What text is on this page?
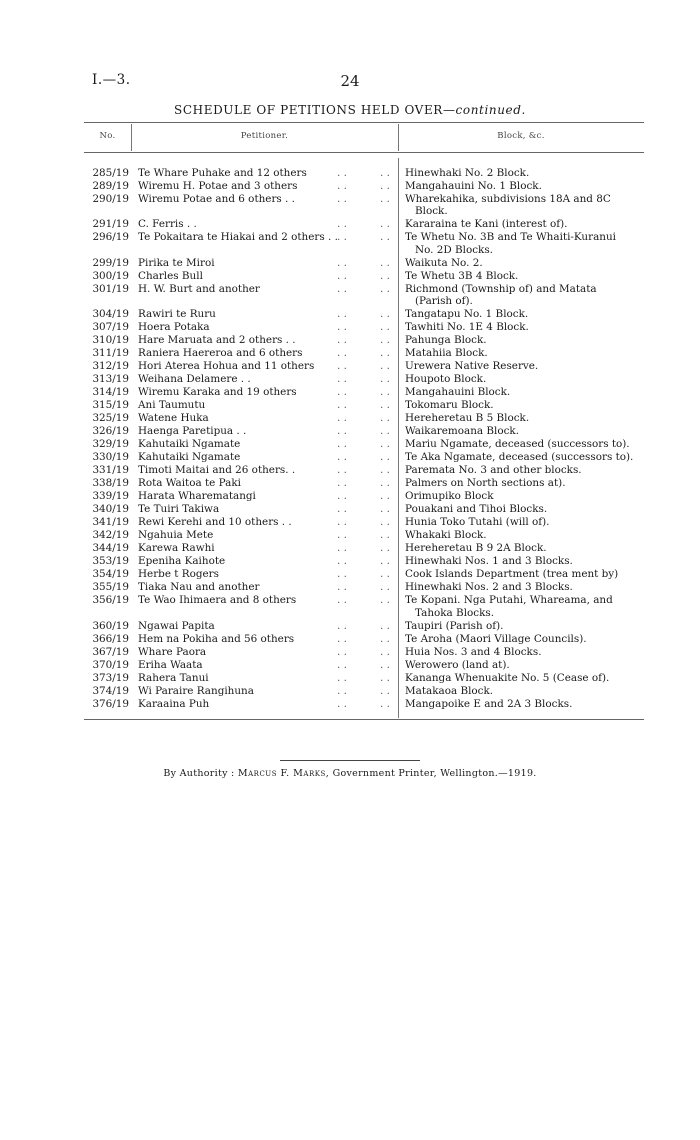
I.—3.	24
SCHEDULE OF PETITIONS HELD OVER—continued.
No.	Petitioner.	Block, &c.
285/19 Te Whare Puhake and 12 others	. .	. .	Hinewhaki No. 2 Block.
289/19 Wiremu H. Potae and 3 others	. .	. .	Mangahauini No. 1 Block.
290/19 Wiremu Potae and 6 others . .	. .	. .	Wharekahika, subdivisions 18A and 8C
Block.
291/19 C. Ferris . .	. .	. .	Kararaina te Kani (interest of).
296/19 Te Pokaitara te Hiakai and 2 others . . . .	. .	Te Whetu No. 3B and Te Whaiti-Kuranui
No. 2D Blocks.
299/19 Pirika te Miroi	. .	. .	Waikuta No. 2.
300/19 Charles Bull	. .	. .	Te Whetu 3B 4 Block.
301/19 H. W. Burt and another	. .	. .	Richmond (Township of) and Matata
(Parish of).
304/19 Rawiri te Ruru	. .	. .	Tangatapu No. 1 Block.
307/19 Hoera Potaka	. .	. .	Tawhiti No. 1E 4 Block.
310/19 Hare Maruata and 2 others . .	. .	. .	Pahunga Block.
311/19 Raniera Haereroa and 6 others	. .	. .	Matahiia Block.
312/19 Hori Aterea Hohua and 11 others . .	. .	Urewera Native Reserve.
313/19 Weihana Delamere . .	. .	. .	Houpoto Block.
314/19 Wiremu Karaka and 19 others	. .	. .	Mangahauini Block.
315/19 Ani Taumutu	. .	. .	Tokomaru Block.
325/19 Watene Huka	. .	. .	Hereheretau B 5 Block.
326/19 Haenga Paretipua . .	. .	. .	Waikaremoana Block.
329/19 Kahutaiki Ngamate	. .	. .	Mariu Ngamate, deceased (successors to).
330/19 Kahutaiki Ngamate	. .	. .	Te Aka Ngamate, deceased (successors to).
331/19 Timoti Maitai and 26 others. .	. .	. .	Paremata No. 3 and other blocks.
338/19 Rota Waitoa te Paki	. .	. .	Palmers on North sections at).
339/19 Harata Wharematangi	. .	. .	Orimupiko Block
340/19 Te Tuiri Takiwa	. .	. .	Pouakani and Tihoi Blocks.
341/19 Rewi Kerehi and 10 others . .	. .	. .	Hunia Toko Tutahi (will of).
342/19 Ngahuia Mete	. .	. .	Whakaki Block.
344/19 Karewa Rawhi	. .	. .	Hereheretau B 9 2A Block.
353/19 Epeniha Kaihote	. .	. .	Hinewhaki Nos. 1 and 3 Blocks.
354/19 Herbe t Rogers	. .	. .	Cook Islands Department (trea ment by)
355/19 Tiaka Nau and another	. .	. .	Hinewhaki Nos. 2 and 3 Blocks.
356/19 Te Wao Ihimaera and 8 others	. .	. .	Te Kopani. Nga Putahi, Whareama, and
Tahoka Blocks.
360/19 Ngawai Papita	. .	. .	Taupiri (Parish of).
366/19 Hem na Pokiha and 56 others	. .	. .	Te Aroha (Maori Village Councils).
367/19 Whare Paora	. .	. .	Huia Nos. 3 and 4 Blocks.
370/19 Eriha Waata	. .	. .	Werowero (land at).
373/19 Rahera Tanui	. .	. .	Kananga Whenuakite No. 5 (Cease of).
374/19 Wi Paraire Rangihuna	. .	. .	Matakaoa Block.
376/19 Karaaina Puh	. .	. .	Mangapoike E and 2A 3 Blocks.
By Authority : Marcus F. Marks, Government Printer, Wellington.—1919.
